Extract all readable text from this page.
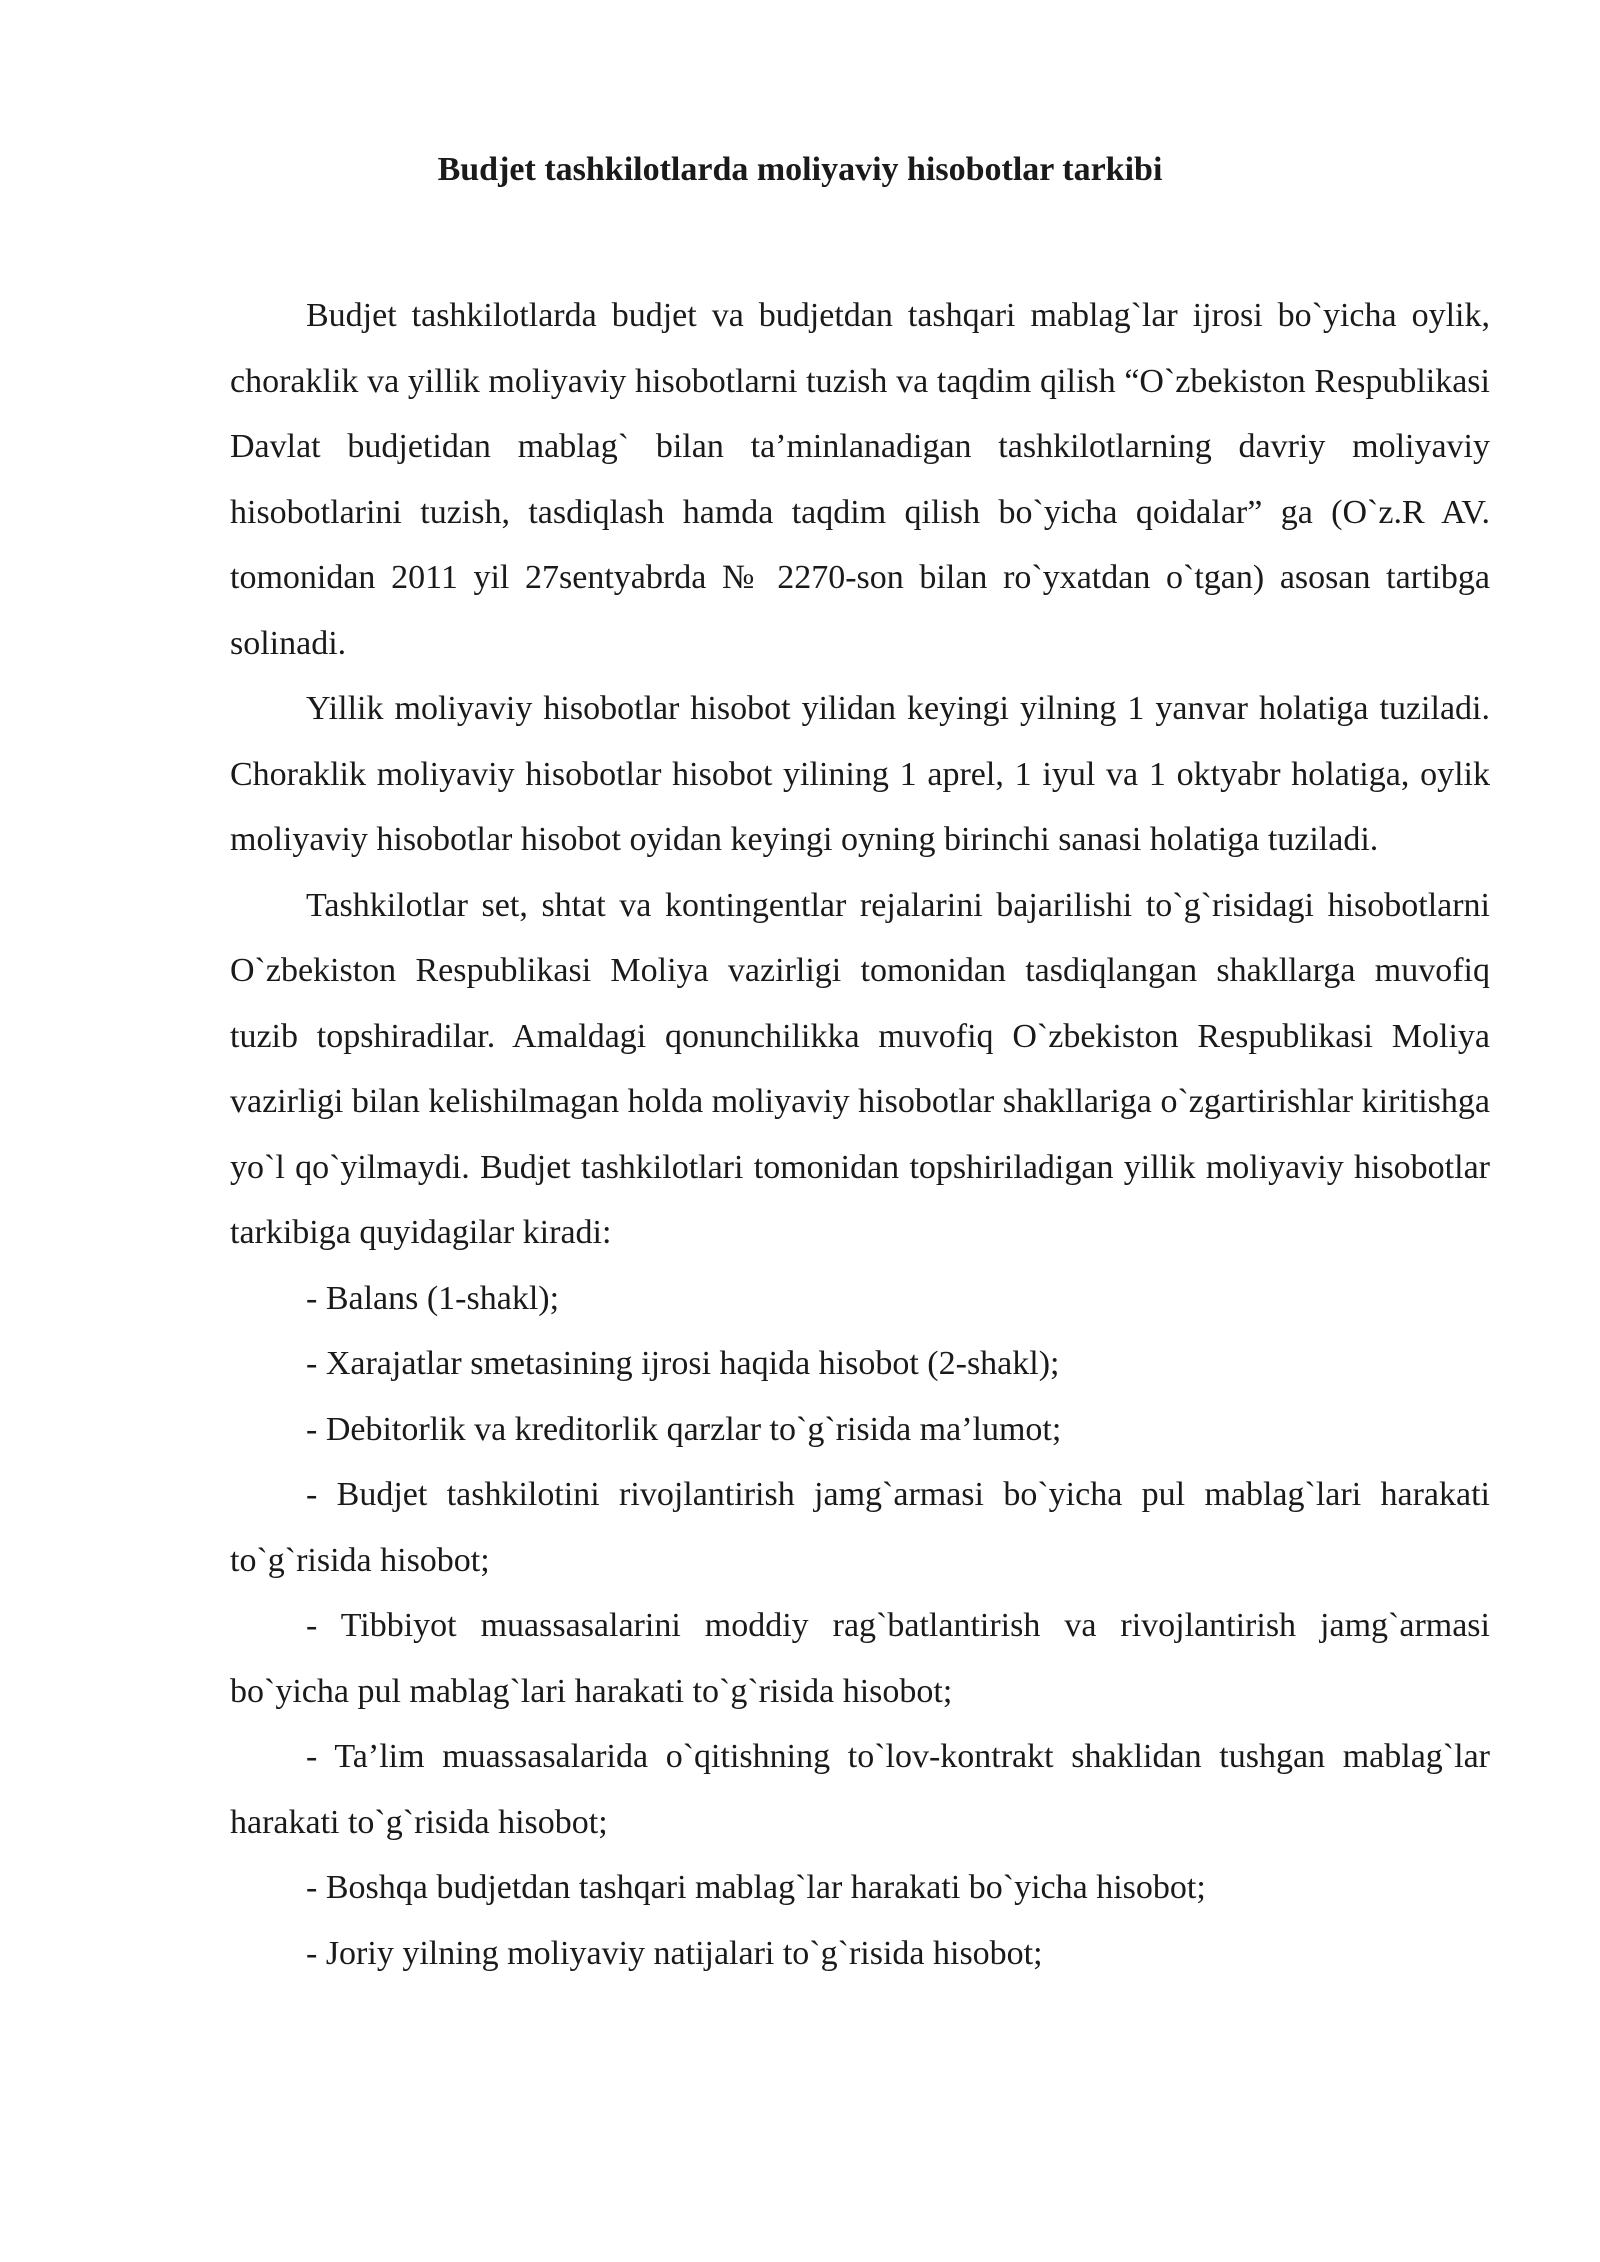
Budjet tashkilotlarda moliyaviy hisobotlar tarkibi

Budjet tashkilotlarda budjet va budjetdan tashqari mablag`lar ijrosi bo`yicha oylik, choraklik va yillik moliyaviy hisobotlarni tuzish va taqdim qilish “O`zbekiston Respublikasi Davlat budjetidan mablag` bilan ta’minlanadigan tashkilotlarning davriy moliyaviy hisobotlarini tuzish, tasdiqlash hamda taqdim qilish bo`yicha qoidalar” ga (O`z.R AV. tomonidan 2011 yil 27sentyabrda № 2270-son bilan ro`yxatdan o`tgan) asosan tartibga solinadi.

Yillik moliyaviy hisobotlar hisobot yilidan keyingi yilning 1 yanvar holatiga tuziladi. Choraklik moliyaviy hisobotlar hisobot yilining 1 aprel, 1 iyul va 1 oktyabr holatiga, oylik moliyaviy hisobotlar hisobot oyidan keyingi oyning birinchi sanasi holatiga tuziladi.

Tashkilotlar set, shtat va kontingentlar rejalarini bajarilishi to`g`risidagi hisobotlarni O`zbekiston Respublikasi Moliya vazirligi tomonidan tasdiqlangan shakllarga muvofiq tuzib topshiradilar. Amaldagi qonunchilikka muvofiq O`zbekiston Respublikasi Moliya vazirligi bilan kelishilmagan holda moliyaviy hisobotlar shakllariga o`zgartirishlar kiritishga yo`l qo`yilmaydi. Budjet tashkilotlari tomonidan topshiriladigan yillik moliyaviy hisobotlar tarkibiga quyidagilar kiradi:

- Balans (1-shakl);

- Xarajatlar smetasining ijrosi haqida hisobot (2-shakl);

- Debitorlik va kreditorlik qarzlar to`g`risida ma’lumot;

- Budjet tashkilotini rivojlantirish jamg`armasi bo`yicha pul mablag`lari harakati to`g`risida hisobot;

- Tibbiyot muassasalarini moddiy rag`batlantirish va rivojlantirish jamg`armasi bo`yicha pul mablag`lari harakati to`g`risida hisobot;

- Ta’lim muassasalarida o`qitishning to`lov-kontrakt shaklidan tushgan mablag`lar harakati to`g`risida hisobot;

- Boshqa budjetdan tashqari mablag`lar harakati bo`yicha hisobot;

- Joriy yilning moliyaviy natijalari to`g`risida hisobot;
